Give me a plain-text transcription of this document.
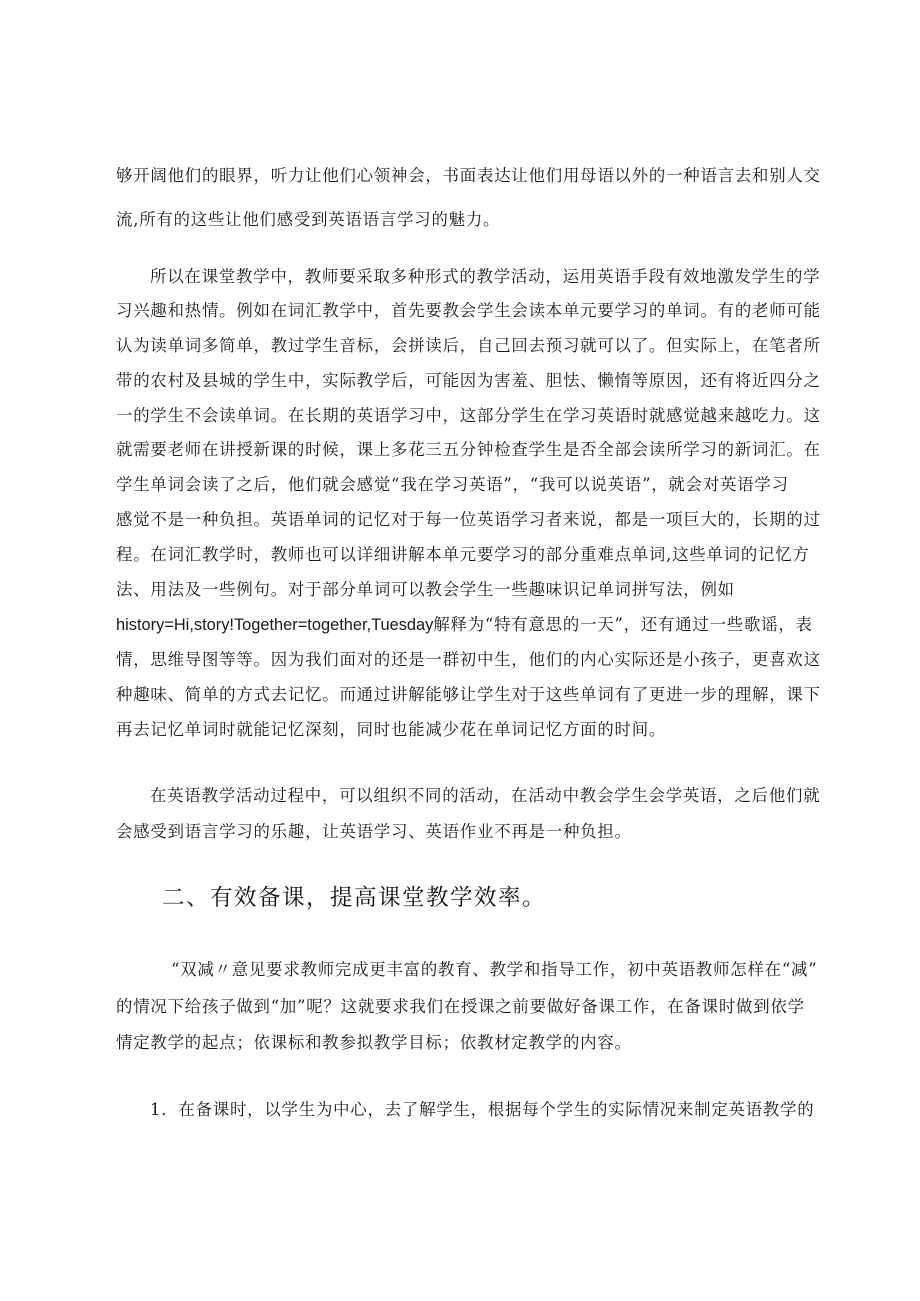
够开阔他们的眼界，听力让他们心领神会，书面表达让他们用母语以外的一种语言去和别人交
流,所有的这些让他们感受到英语语言学习的魅力。
所以在课堂教学中，教师要采取多种形式的教学活动，运用英语手段有效地激发学生的学
习兴趣和热情。例如在词汇教学中，首先要教会学生会读本单元要学习的单词。有的老师可能
认为读单词多简单，教过学生音标，会拼读后，自己回去预习就可以了。但实际上，在笔者所
带的农村及县城的学生中，实际教学后，可能因为害羞、胆怯、懒惰等原因，还有将近四分之
一的学生不会读单词。在长期的英语学习中，这部分学生在学习英语时就感觉越来越吃力。这
就需要老师在讲授新课的时候，课上多花三五分钟检查学生是否全部会读所学习的新词汇。在
学生单词会读了之后，他们就会感觉“我在学习英语”，“我可以说英语”，就会对英语学习
感觉不是一种负担。英语单词的记忆对于每一位英语学习者来说，都是一项巨大的，长期的过
程。在词汇教学时，教师也可以详细讲解本单元要学习的部分重难点单词,这些单词的记忆方
法、用法及一些例句。对于部分单词可以教会学生一些趣味识记单词拼写法，例如
history=Hi,story!Together=together,Tuesday解释为“特有意思的一天”，还有通过一些歌谣，表
情，思维导图等等。因为我们面对的还是一群初中生，他们的内心实际还是小孩子，更喜欢这
种趣味、简单的方式去记忆。而通过讲解能够让学生对于这些单词有了更进一步的理解，课下
再去记忆单词时就能记忆深刻，同时也能减少花在单词记忆方面的时间。
在英语教学活动过程中，可以组织不同的活动，在活动中教会学生会学英语，之后他们就
会感受到语言学习的乐趣，让英语学习、英语作业不再是一种负担。
二、有效备课，提高课堂教学效率。
“双减〃意见要求教师完成更丰富的教育、教学和指导工作，初中英语教师怎样在“减”
的情况下给孩子做到“加”呢？这就要求我们在授课之前要做好备课工作，在备课时做到依学
情定教学的起点；依课标和教参拟教学目标；依教材定教学的内容。
1．在备课时，以学生为中心，去了解学生，根据每个学生的实际情况来制定英语教学的
